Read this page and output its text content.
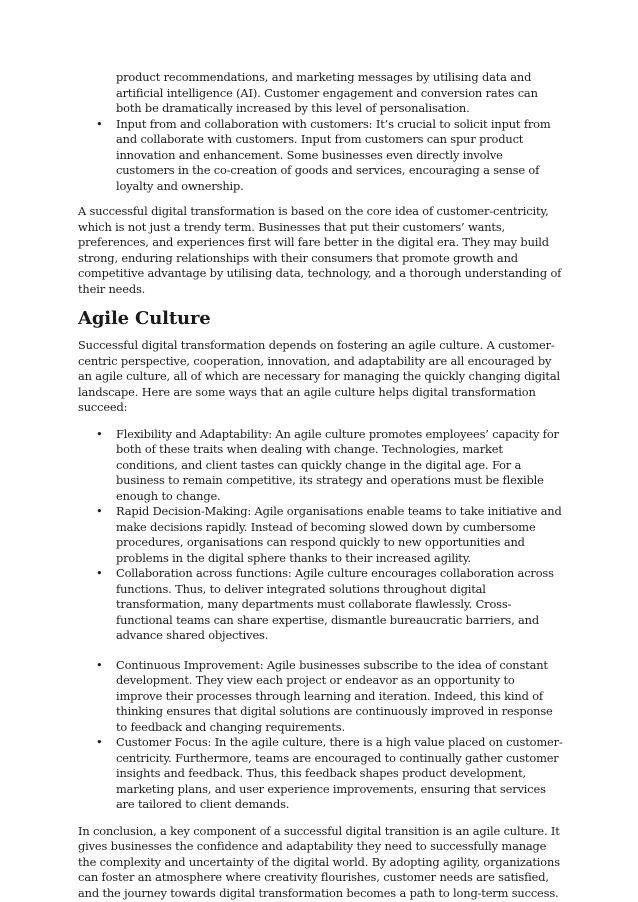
product recommendations, and marketing messages by utilising data and artificial intelligence (AI). Customer engagement and conversion rates can both be dramatically increased by this level of personalisation.

• Input from and collaboration with customers: It’s crucial to solicit input from and collaborate with customers. Input from customers can spur product innovation and enhancement. Some businesses even directly involve customers in the co-creation of goods and services, encouraging a sense of loyalty and ownership.

A successful digital transformation is based on the core idea of customer-centricity, which is not just a trendy term. Businesses that put their customers’ wants, preferences, and experiences first will fare better in the digital era. They may build strong, enduring relationships with their consumers that promote growth and competitive advantage by utilising data, technology, and a thorough understanding of their needs.

Agile Culture

Successful digital transformation depends on fostering an agile culture. A customer-centric perspective, cooperation, innovation, and adaptability are all encouraged by an agile culture, all of which are necessary for managing the quickly changing digital landscape. Here are some ways that an agile culture helps digital transformation succeed:

• Flexibility and Adaptability: An agile culture promotes employees’ capacity for both of these traits when dealing with change. Technologies, market conditions, and client tastes can quickly change in the digital age. For a business to remain competitive, its strategy and operations must be flexible enough to change.
• Rapid Decision-Making: Agile organisations enable teams to take initiative and make decisions rapidly. Instead of becoming slowed down by cumbersome procedures, organisations can respond quickly to new opportunities and problems in the digital sphere thanks to their increased agility.
• Collaboration across functions: Agile culture encourages collaboration across functions. Thus, to deliver integrated solutions throughout digital transformation, many departments must collaborate flawlessly. Cross-functional teams can share expertise, dismantle bureaucratic barriers, and advance shared objectives.
• Continuous Improvement: Agile businesses subscribe to the idea of constant development. They view each project or endeavor as an opportunity to improve their processes through learning and iteration. Indeed, this kind of thinking ensures that digital solutions are continuously improved in response to feedback and changing requirements.
• Customer Focus: In the agile culture, there is a high value placed on customer-centricity. Furthermore, teams are encouraged to continually gather customer insights and feedback. Thus, this feedback shapes product development, marketing plans, and user experience improvements, ensuring that services are tailored to client demands.

In conclusion, a key component of a successful digital transition is an agile culture. It gives businesses the confidence and adaptability they need to successfully manage the complexity and uncertainty of the digital world. By adopting agility, organizations can foster an atmosphere where creativity flourishes, customer needs are satisfied, and the journey towards digital transformation becomes a path to long-term success.
